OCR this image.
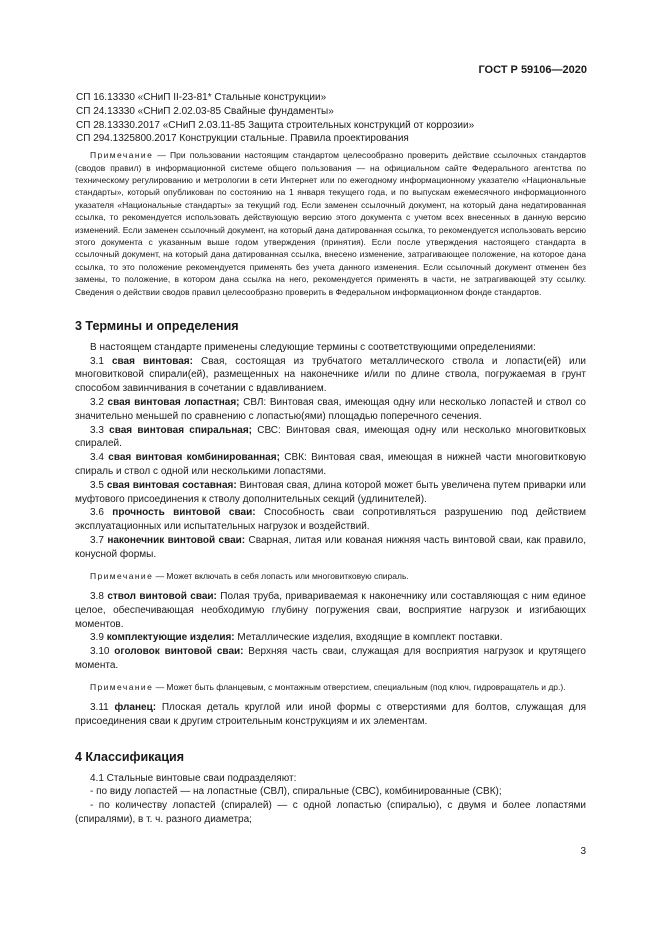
ГОСТ Р 59106—2020

СП 16.13330 «СНиП II-23-81* Стальные конструкции»

СП 24.13330 «СНиП 2.02.03-85 Свайные фундаменты»

СП 28.13330.2017 «СНиП 2.03.11-85 Защита строительных конструкций от коррозии»

СП 294.1325800.2017 Конструкции стальные. Правила проектирования

Примечание — При пользовании настоящим стандартом целесообразно проверить действие ссылочных стандартов (сводов правил) в информационной системе общего пользования — на официальном сайте Федерального агентства по техническому регулированию и метрологии в сети Интернет или по ежегодному информационному указателю «Национальные стандарты», который опубликован по состоянию на 1 января текущего года, и по выпускам ежемесячного информационного указателя «Национальные стандарты» за текущий год. Если заменен ссылочный документ, на который дана недатированная ссылка, то рекомендуется использовать действующую версию этого документа с учетом всех внесенных в данную версию изменений. Если заменен ссылочный документ, на который дана датированная ссылка, то рекомендуется использовать версию этого документа с указанным выше годом утверждения (принятия). Если после утверждения настоящего стандарта в ссылочный документ, на который дана датированная ссылка, внесено изменение, затрагивающее положение, на которое дана ссылка, то это положение рекомендуется применять без учета данного изменения. Если ссылочный документ отменен без замены, то положение, в котором дана ссылка на него, рекомендуется применять в части, не затрагивающей эту ссылку. Сведения о действии сводов правил целесообразно проверить в Федеральном информационном фонде стандартов.

3 Термины и определения

В настоящем стандарте применены следующие термины с соответствующими определениями:

3.1 свая винтовая: Свая, состоящая из трубчатого металлического ствола и лопасти(ей) или многовитковой спирали(ей), размещенных на наконечнике и/или по длине ствола, погружаемая в грунт способом завинчивания в сочетании с вдавливанием.

3.2 свая винтовая лопастная; СВЛ: Винтовая свая, имеющая одну или несколько лопастей и ствол со значительно меньшей по сравнению с лопастью(ями) площадью поперечного сечения.

3.3 свая винтовая спиральная; СВС: Винтовая свая, имеющая одну или несколько многовитковых спиралей.

3.4 свая винтовая комбинированная; СВК: Винтовая свая, имеющая в нижней части многовитковую спираль и ствол с одной или несколькими лопастями.

3.5 свая винтовая составная: Винтовая свая, длина которой может быть увеличена путем приварки или муфтового присоединения к стволу дополнительных секций (удлинителей).

3.6 прочность винтовой сваи: Способность сваи сопротивляться разрушению под действием эксплуатационных или испытательных нагрузок и воздействий.

3.7 наконечник винтовой сваи: Сварная, литая или кованая нижняя часть винтовой сваи, как правило, конусной формы.

Примечание — Может включать в себя лопасть или многовитковую спираль.

3.8 ствол винтовой сваи: Полая труба, привариваемая к наконечнику или составляющая с ним единое целое, обеспечивающая необходимую глубину погружения сваи, восприятие нагрузок и изгибающих моментов.

3.9 комплектующие изделия: Металлические изделия, входящие в комплект поставки.

3.10 оголовок винтовой сваи: Верхняя часть сваи, служащая для восприятия нагрузок и крутящего момента.

Примечание — Может быть фланцевым, с монтажным отверстием, специальным (под ключ, гидровращатель и др.).

3.11 фланец: Плоская деталь круглой или иной формы с отверстиями для болтов, служащая для присоединения сваи к другим строительным конструкциям и их элементам.

4 Классификация

4.1 Стальные винтовые сваи подразделяют:

- по виду лопастей — на лопастные (СВЛ), спиральные (СВС), комбинированные (СВК);

- по количеству лопастей (спиралей) — с одной лопастью (спиралью), с двумя и более лопастями (спиралями), в т. ч. разного диаметра;

3
